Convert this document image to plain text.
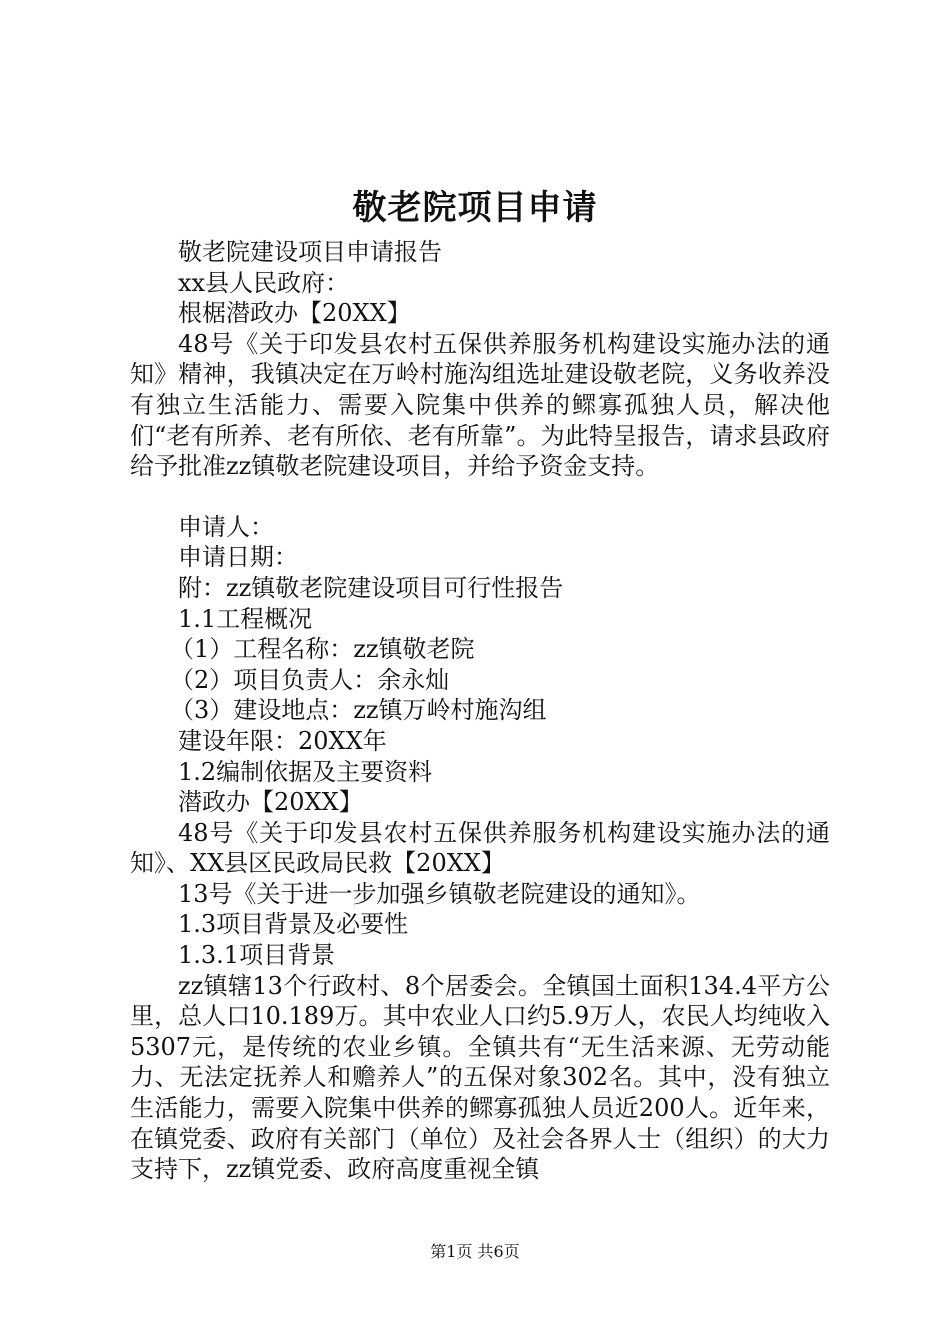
敬老院项目申请

敬老院建设项目申请报告

xx县人民政府：

根椐潜政办【20XX】

48号《关于印发县农村五保供养服务机构建设实施办法的通知》精神，我镇决定在万岭村施沟组选址建设敬老院，义务收养没有独立生活能力、需要入院集中供养的鳏寡孤独人员，解决他们“老有所养、老有所依、老有所靠”。为此特呈报告，请求县政府给予批准zz镇敬老院建设项目，并给予资金支持。

申请人：

申请日期：

附：zz镇敬老院建设项目可行性报告

1.1工程概况

（1）工程名称：zz镇敬老院

（2）项目负责人：余永灿

（3）建设地点：zz镇万岭村施沟组

建设年限：20XX年

1.2编制依据及主要资料

潜政办【20XX】

48号《关于印发县农村五保供养服务机构建设实施办法的通知》、XX县区民政局民救【20XX】

13号《关于进一步加强乡镇敬老院建设的通知》。

1.3项目背景及必要性

1.3.1项目背景

zz镇辖13个行政村、8个居委会。全镇国土面积134.4平方公里，总人口10.189万。其中农业人口约5.9万人，农民人均纯收入5307元，是传统的农业乡镇。全镇共有“无生活来源、无劳动能力、无法定抚养人和赡养人”的五保对象302名。其中，没有独立生活能力，需要入院集中供养的鳏寡孤独人员近200人。近年来，在镇党委、政府有关部门（单位）及社会各界人士（组织）的大力支持下，zz镇党委、政府高度重视全镇

第1页 共6页
